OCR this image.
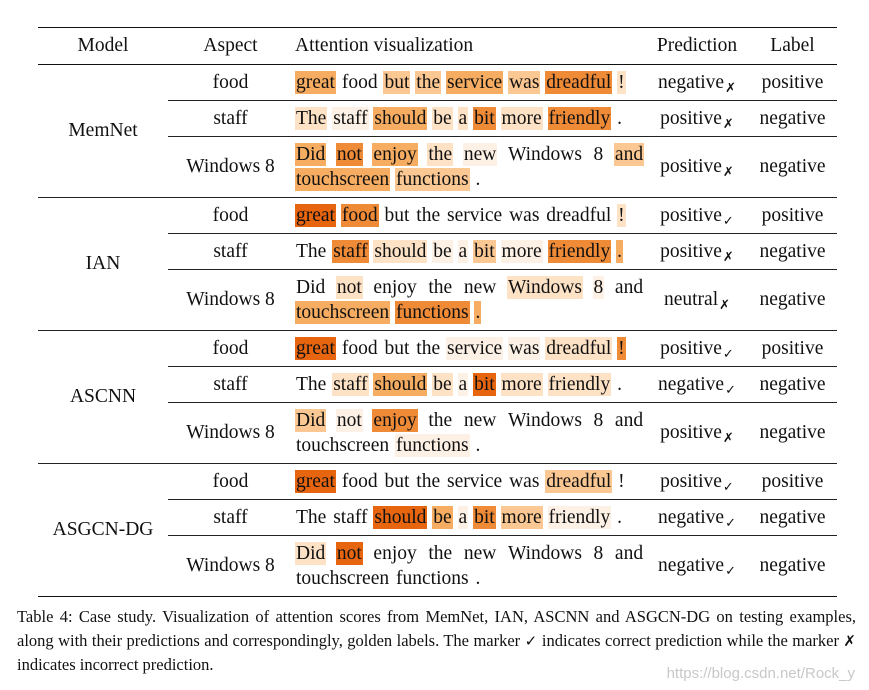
Model	Aspect	Attention visualization	Prediction	Label
MemNet	food	great food but the service was dreadful !	negative$_✗$	positive
	staff	The staff should be a bit more friendly .	positive$_✗$	negative
	Windows 8	Did not enjoy the new Windows 8 and touchscreen functions .	positive$_✗$	negative
IAN	food	great food but the service was dreadful !	positive$_✓$	positive
	staff	The staff should be a bit more friendly .	positive$_✗$	negative
	Windows 8	Did not enjoy the new Windows 8 and touchscreen functions .	neutral$_✗$	negative
ASCNN	food	great food but the service was dreadful !	positive$_✓$	positive
	staff	The staff should be a bit more friendly .	negative$_✓$	negative
	Windows 8	Did not enjoy the new Windows 8 and touchscreen functions .	positive$_✗$	negative
ASGCN-DG	food	great food but the service was dreadful !	positive$_✓$	positive
	staff	The staff should be a bit more friendly .	negative$_✓$	negative
	Windows 8	Did not enjoy the new Windows 8 and touchscreen functions .	negative$_✓$	negative
Table 4: Case study. Visualization of attention scores from MemNet, IAN, ASCNN and ASGCN-DG on testing examples, along with their predictions and correspondingly, golden labels. The marker ✓ indicates correct prediction while the marker ✗ indicates incorrect prediction.	https://blog.csdn.net/Rock_y
